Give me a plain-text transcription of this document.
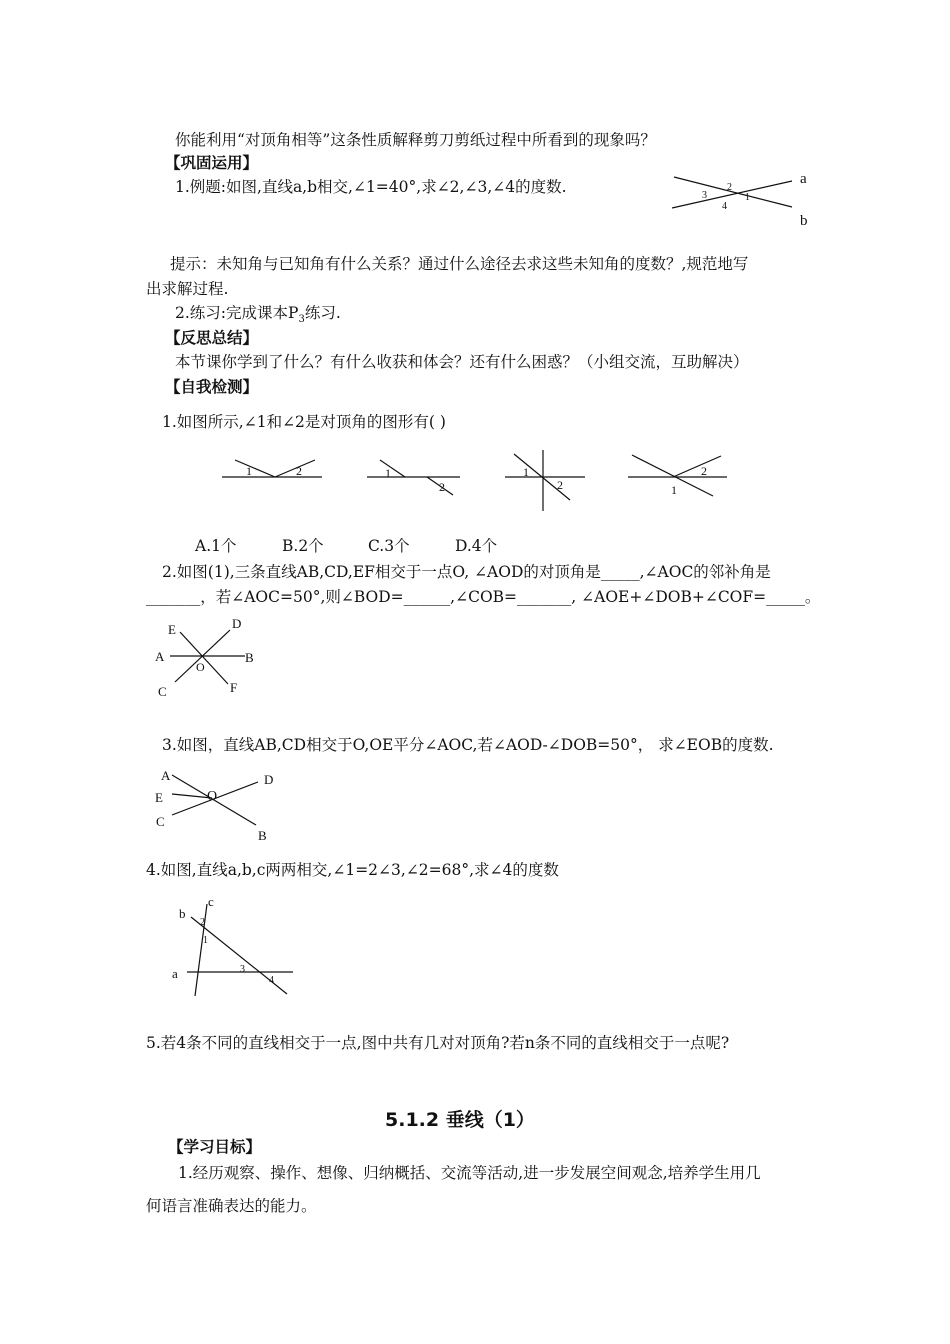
你能利用“对顶角相等”这条性质解释剪刀剪纸过程中所看到的现象吗？
【巩固运用】
1.例题:如图,直线a,b相交,∠1=40°,求∠2,∠3,∠4的度数.	a
b
2
1
3
4
提示：未知角与已知角有什么关系？通过什么途径去求这些未知角的度数？,规范地写
出求解过程.
2.练习:完成课本$P_3$练习.
【反思总结】
本节课你学到了什么？有什么收获和体会？还有什么困惑？（小组交流，互助解决）
【自我检测】
1.如图所示,∠1和∠2是对顶角的图形有( )
1	2	1
2
1
2
2
1
A.1个	B.2个	C.3个	D.4个
2.如图(1),三条直线AB,CD,EF相交于一点O, ∠AOD的对顶角是_____,∠AOC的邻补角是
_______，若∠AOC=50°,则∠BOD=______,∠COB=_______, ∠AOE+∠DOB+∠COF=_____。
A	B
C
D
E
F
O
3.如图，直线AB,CD相交于O,OE平分∠AOC,若∠AOD-∠DOB=50°， 求∠EOB的度数.
A
B
C
D
E	O
4.如图,直线a,b,c两两相交,∠1=2∠3,∠2=68°,求∠4的度数
a
b
c
2
1
3
4
5.若4条不同的直线相交于一点,图中共有几对对顶角?若n条不同的直线相交于一点呢?
5.1.2 垂线（1）
【学习目标】
1.经历观察、操作、想像、归纳概括、交流等活动,进一步发展空间观念,培养学生用几
何语言准确表达的能力。
